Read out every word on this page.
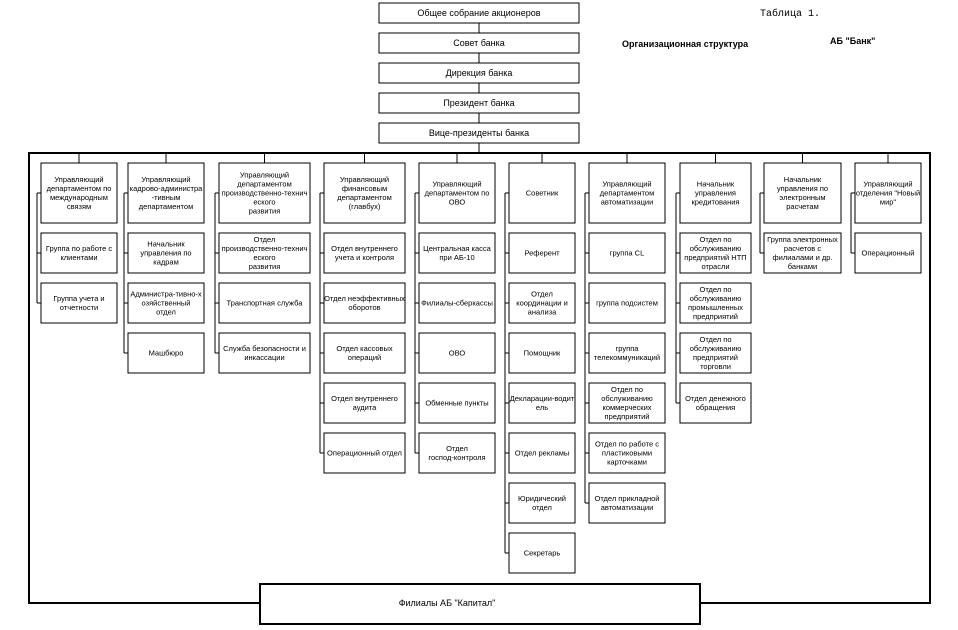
Таблица 1.
Организационная структура	АБ "Банк"
Общее собрание акционеров
Совет банка
Дирекция банка
Президент банка
Вице-президенты банка
Филиалы АБ "Капитал"
Управляющий департаментом по международным связям
Группа по работе с клиентами
Группа учета и отчетности
Управляющий кадрово-администра -тивным департаментом
Начальник управления по кадрам
Администра-тивно-х озяйственный отдел
Машбюро
Управляющий департаментом производственно-технич еского развития
Отдел производственно-технич еского развития
Транспортная служба
Служба безопасности и инкассации
Управляющий финансовым департаментом (главбух)
Отдел внутреннего учета и контроля
Отдел неэффективных оборотов
Отдел кассовых операций
Отдел внутреннего аудита
Операционный отдел
Управляющий департаментом по ОВО
Центральная касса при АБ-10
Филиалы-сберкассы
ОВО
Обменные пункты
Отдел господ-контроля
Советник
Референт
Отдел координации и анализа
Помощник
Декларации-водит ель
Отдел рекламы
Юридический отдел
Секретарь
Управляющий департаментом автоматизации
группа CL
группа подсистем
группа телекоммуникаций
Отдел по обслуживанию коммерческих предприятий
Отдел по работе с пластиковыми карточками
Отдел прикладной автоматизации
Начальник управления кредитования
Отдел по обслуживанию предприятий НТП отрасли
Отдел по обслуживанию промышленных предприятий
Отдел по обслуживанию предприятий торговли
Отдел денежного обращения
Начальник управления по электронным расчетам
Группа электронных расчетов с филиалами и др. банками
Управляющий отделения "Новый мир"
Операционный
